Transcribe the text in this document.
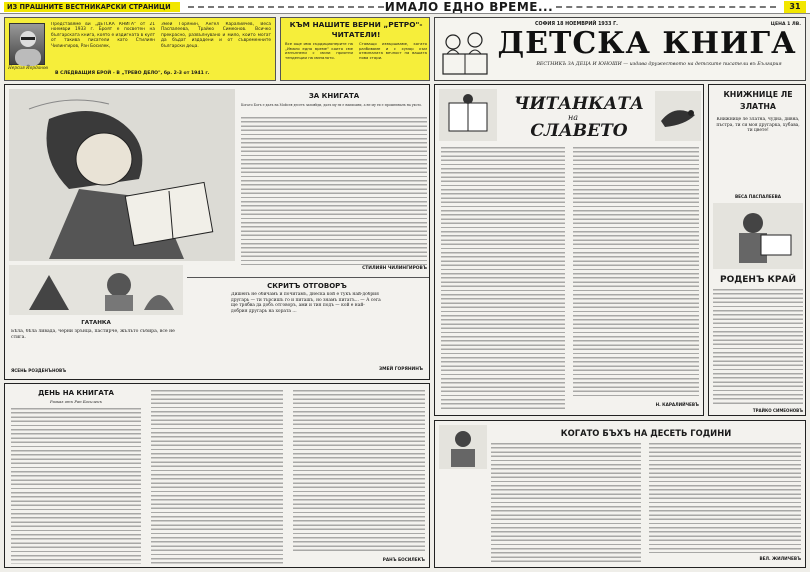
ИЗ ПРАШНИТЕ ВЕСТНИКАРСКИ СТРАНИЦИ	ИМАЛО ЕДНО ВРЕМЕ...	31
Нерсия Йорданов
Представяме ви „ДЕТСКА КНИГА" от 21 ноември 1933 г. Броят е посветен на българската книга, която е издигната в култ от такива писатели като Стилиян Чилингиров, Ран Босилек,
Змей Горянин, Ангел Каралийчев, Веса Паспалеева, Трайко Симеонов. Всичко прекрасно, развълнувано и мило, които могат да бъдат издадени и от съвременните български деца.
В СЛЕДВАЩИЯ БРОЙ - В „ТРЕВО ДЕЛО", бр. 2-3 от 1941 г.
КЪМ НАШИТЕ ВЕРНИ „РЕТРО"- ЧИТАТЕЛИ!
Все още има сърдиционерите на „Имало едно време" които сме изпълнени с мили приятни тенденции на миналото.
Ставащо извършваме, когато разбиваме и с хумор към отминалата вечност на вашата нова стари.
СОФИЯ 18 НОЕМВРИЙ 1933 Г.
ДЕТСКА КНИГА
ВЕСТНИКЪ ЗА ДЕЦА И ЮНОШИ — издава дружеството на детските писатели въ България
ЦЕНА 1 ЛВ.
ЗА КНИГАТА
Когато Богъ е далъ на Мойсея десетъ заповѣди, далъ му ги е написани, а не му ги е прошепналъ на ухото.
СТИЛИЯН ЧИЛИНГИРОВЪ
СКРИТЪ ОТГОВОРЪ
Дишенъ не обичамъ и почитамъ, днеска кой е тукъ най-добрия другарь — ти търсишъ го и питашъ, но знамъ питатъ... — А сега ще трябва да добъ отговоръ, ами и тия подъ — кой е най-добрия другарь на хората ...
ЗМЕЙ ГОРЯНИНЪ
ГАТАНКА
Бѣла, бѣла ливада, черни зрънца, пастирче, жълъто събира, все не стига.
ЯСЕНЬ РОЗДЕНЪНОВЪ
ДЕНЬ НА КНИГАТА
Разказ отъ Ран Босилекъ
РАНЪ БОСИЛЕКЪ
ЧИТАНКАТА
на
СЛАВЕТО
Н. КАРАЛИЙЧЕВЪ
КНИЖНИЦЕ ЛЕ ЗЛАТНА
Книжнице ле златна, чудна, дивна, пъстра, ти си моя другарка, хубава, ти цвете!
ВЕСА ПАСПАЛЕЕВА
РОДЕНЪ КРАЙ
ТРАЙКО СИМЕОНОВЪ
КОГАТО БЪХЪ НА ДЕСЕТЬ ГОДИНИ
ВЕЛ. ЖИЛИЧЕВЪ
